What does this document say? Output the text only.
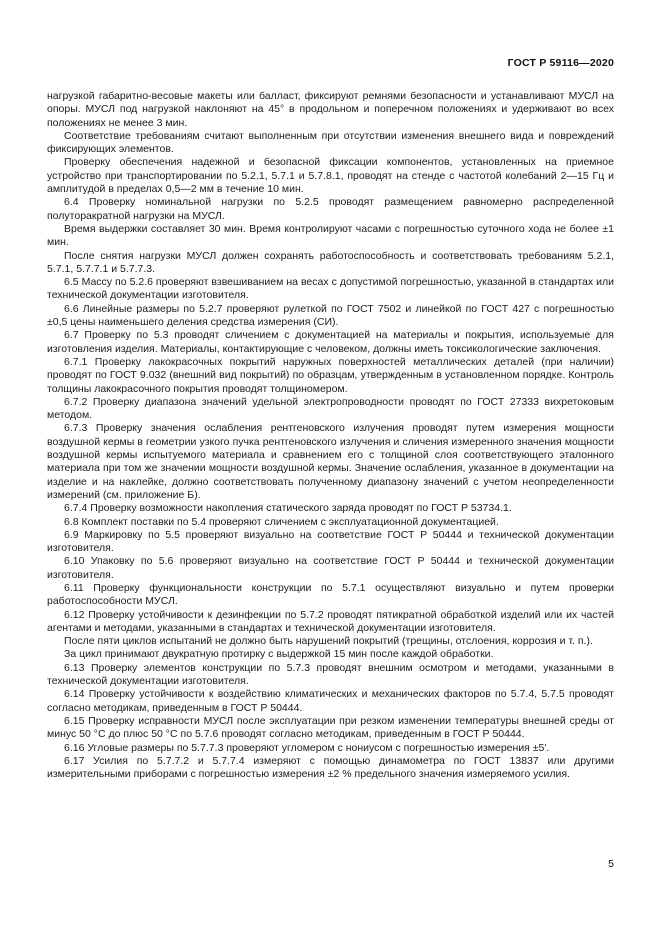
ГОСТ Р 59116—2020

нагрузкой габаритно-весовые макеты или балласт, фиксируют ремнями безопасности и устанавливают МУСЛ на опоры. МУСЛ под нагрузкой наклоняют на 45° в продольном и поперечном положениях и удерживают во всех положениях не менее 3 мин.

Соответствие требованиям считают выполненным при отсутствии изменения внешнего вида и повреждений фиксирующих элементов.

Проверку обеспечения надежной и безопасной фиксации компонентов, установленных на приемное устройство при транспортировании по 5.2.1, 5.7.1 и 5.7.8.1, проводят на стенде с частотой колебаний 2—15 Гц и амплитудой в пределах 0,5—2 мм в течение 10 мин.

6.4 Проверку номинальной нагрузки по 5.2.5 проводят размещением равномерно распределенной полуторакратной нагрузки на МУСЛ.

Время выдержки составляет 30 мин. Время контролируют часами с погрешностью суточного хода не более ±1 мин.

После снятия нагрузки МУСЛ должен сохранять работоспособность и соответствовать требованиям 5.2.1, 5.7.1, 5.7.7.1 и 5.7.7.3.

6.5 Массу по 5.2.6 проверяют взвешиванием на весах с допустимой погрешностью, указанной в стандартах или технической документации изготовителя.

6.6 Линейные размеры по 5.2.7 проверяют рулеткой по ГОСТ 7502 и линейкой по ГОСТ 427 с погрешностью ±0,5 цены наименьшего деления средства измерения (СИ).

6.7 Проверку по 5.3 проводят сличением с документацией на материалы и покрытия, используемые для изготовления изделия. Материалы, контактирующие с человеком, должны иметь токсикологические заключения.

6.7.1 Проверку лакокрасочных покрытий наружных поверхностей металлических деталей (при наличии) проводят по ГОСТ 9.032 (внешний вид покрытий) по образцам, утвержденным в установленном порядке. Контроль толщины лакокрасочного покрытия проводят толщиномером.

6.7.2 Проверку диапазона значений удельной электропроводности проводят по ГОСТ 27333 вихретоковым методом.

6.7.3 Проверку значения ослабления рентгеновского излучения проводят путем измерения мощности воздушной кермы в геометрии узкого пучка рентгеновского излучения и сличения измеренного значения мощности воздушной кермы испытуемого материала и сравнением его с толщиной слоя соответствующего эталонного материала при том же значении мощности воздушной кермы. Значение ослабления, указанное в документации на изделие и на наклейке, должно соответствовать полученному диапазону значений с учетом неопределенности измерений (см. приложение Б).

6.7.4 Проверку возможности накопления статического заряда проводят по ГОСТ Р 53734.1.

6.8 Комплект поставки по 5.4 проверяют сличением с эксплуатационной документацией.

6.9 Маркировку по 5.5 проверяют визуально на соответствие ГОСТ Р 50444 и технической документации изготовителя.

6.10 Упаковку по 5.6 проверяют визуально на соответствие ГОСТ Р 50444 и технической документации изготовителя.

6.11 Проверку функциональности конструкции по 5.7.1 осуществляют визуально и путем проверки работоспособности МУСЛ.

6.12 Проверку устойчивости к дезинфекции по 5.7.2 проводят пятикратной обработкой изделий или их частей агентами и методами, указанными в стандартах и технической документации изготовителя.

После пяти циклов испытаний не должно быть нарушений покрытий (трещины, отслоения, коррозия и т. п.).

За цикл принимают двукратную протирку с выдержкой 15 мин после каждой обработки.

6.13 Проверку элементов конструкции по 5.7.3 проводят внешним осмотром и методами, указанными в технической документации изготовителя.

6.14 Проверку устойчивости к воздействию климатических и механических факторов по 5.7.4, 5.7.5 проводят согласно методикам, приведенным в ГОСТ Р 50444.

6.15 Проверку исправности МУСЛ после эксплуатации при резком изменении температуры внешней среды от минус 50 °С до плюс 50 °С по 5.7.6 проводят согласно методикам, приведенным в ГОСТ Р 50444.

6.16 Угловые размеры по 5.7.7.3 проверяют угломером с нониусом с погрешностью измерения ±5′.

6.17 Усилия по 5.7.7.2 и 5.7.7.4 измеряют с помощью динамометра по ГОСТ 13837 или другими измерительными приборами с погрешностью измерения ±2 % предельного значения измеряемого усилия.

5
